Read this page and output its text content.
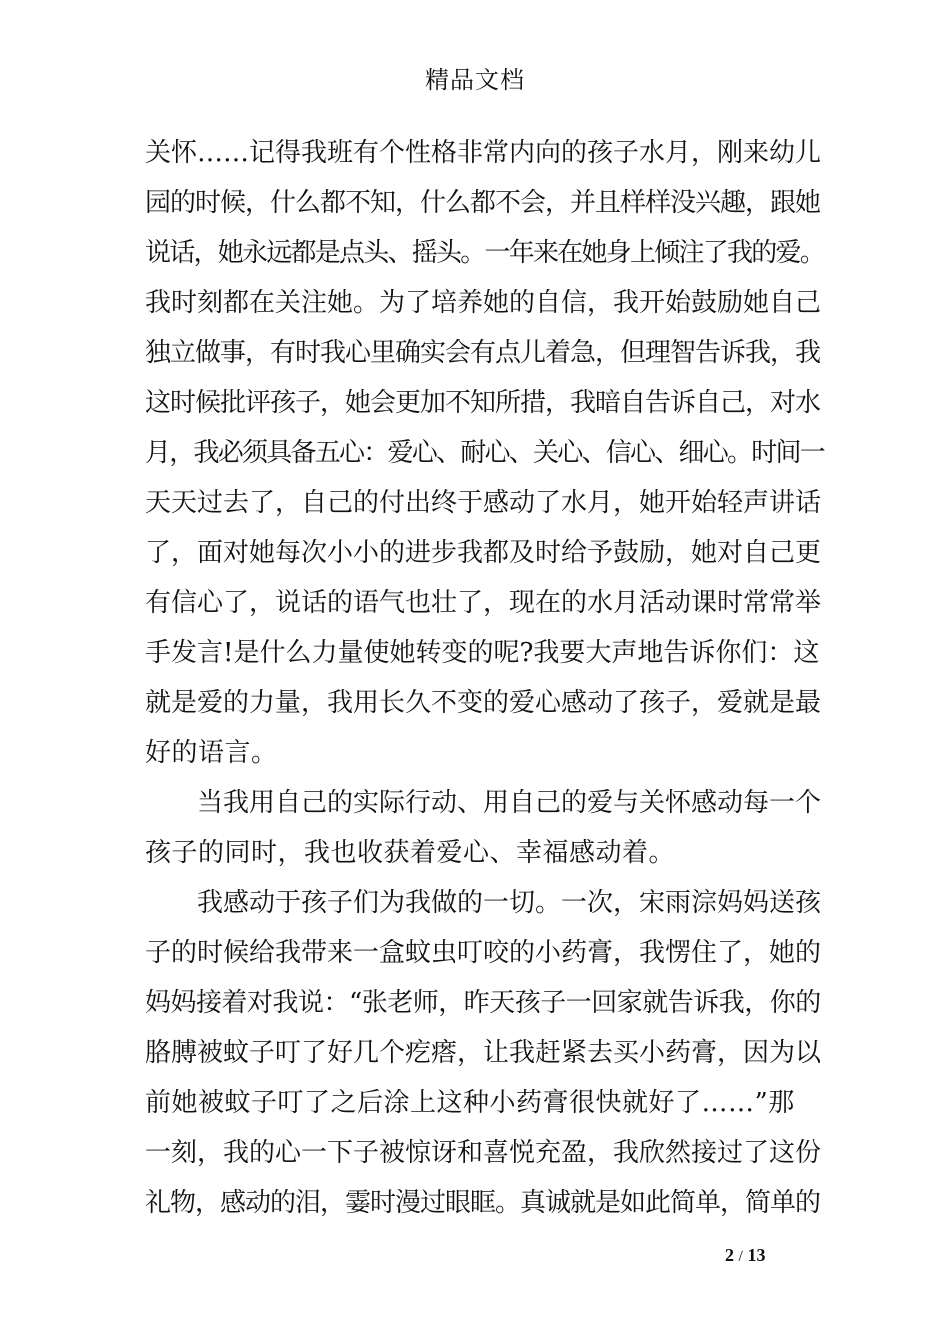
精品文档
关怀……记得我班有个性格非常内向的孩子水月，刚来幼儿
园的时候，什么都不知，什么都不会，并且样样没兴趣，跟她
说话，她永远都是点头、摇头。一年来在她身上倾注了我的爱。
我时刻都在关注她。为了培养她的自信，我开始鼓励她自己
独立做事，有时我心里确实会有点儿着急，但理智告诉我，我
这时候批评孩子，她会更加不知所措，我暗自告诉自己，对水
月，我必须具备五心：爱心、耐心、关心、信心、细心。时间一
天天过去了，自己的付出终于感动了水月，她开始轻声讲话
了，面对她每次小小的进步我都及时给予鼓励，她对自己更
有信心了，说话的语气也壮了，现在的水月活动课时常常举
手发言!是什么力量使她转变的呢?我要大声地告诉你们：这
就是爱的力量，我用长久不变的爱心感动了孩子，爱就是最
好的语言。
当我用自己的实际行动、用自己的爱与关怀感动每一个
孩子的同时，我也收获着爱心、幸福感动着。
我感动于孩子们为我做的一切。一次，宋雨淙妈妈送孩
子的时候给我带来一盒蚊虫叮咬的小药膏，我愣住了，她的
妈妈接着对我说：“张老师，昨天孩子一回家就告诉我，你的
胳膊被蚊子叮了好几个疙瘩，让我赶紧去买小药膏，因为以
前她被蚊子叮了之后涂上这种小药膏很快就好了……”那
一刻，我的心一下子被惊讶和喜悦充盈，我欣然接过了这份
礼物，感动的泪，霎时漫过眼眶。真诚就是如此简单，简单的
2 / 13
